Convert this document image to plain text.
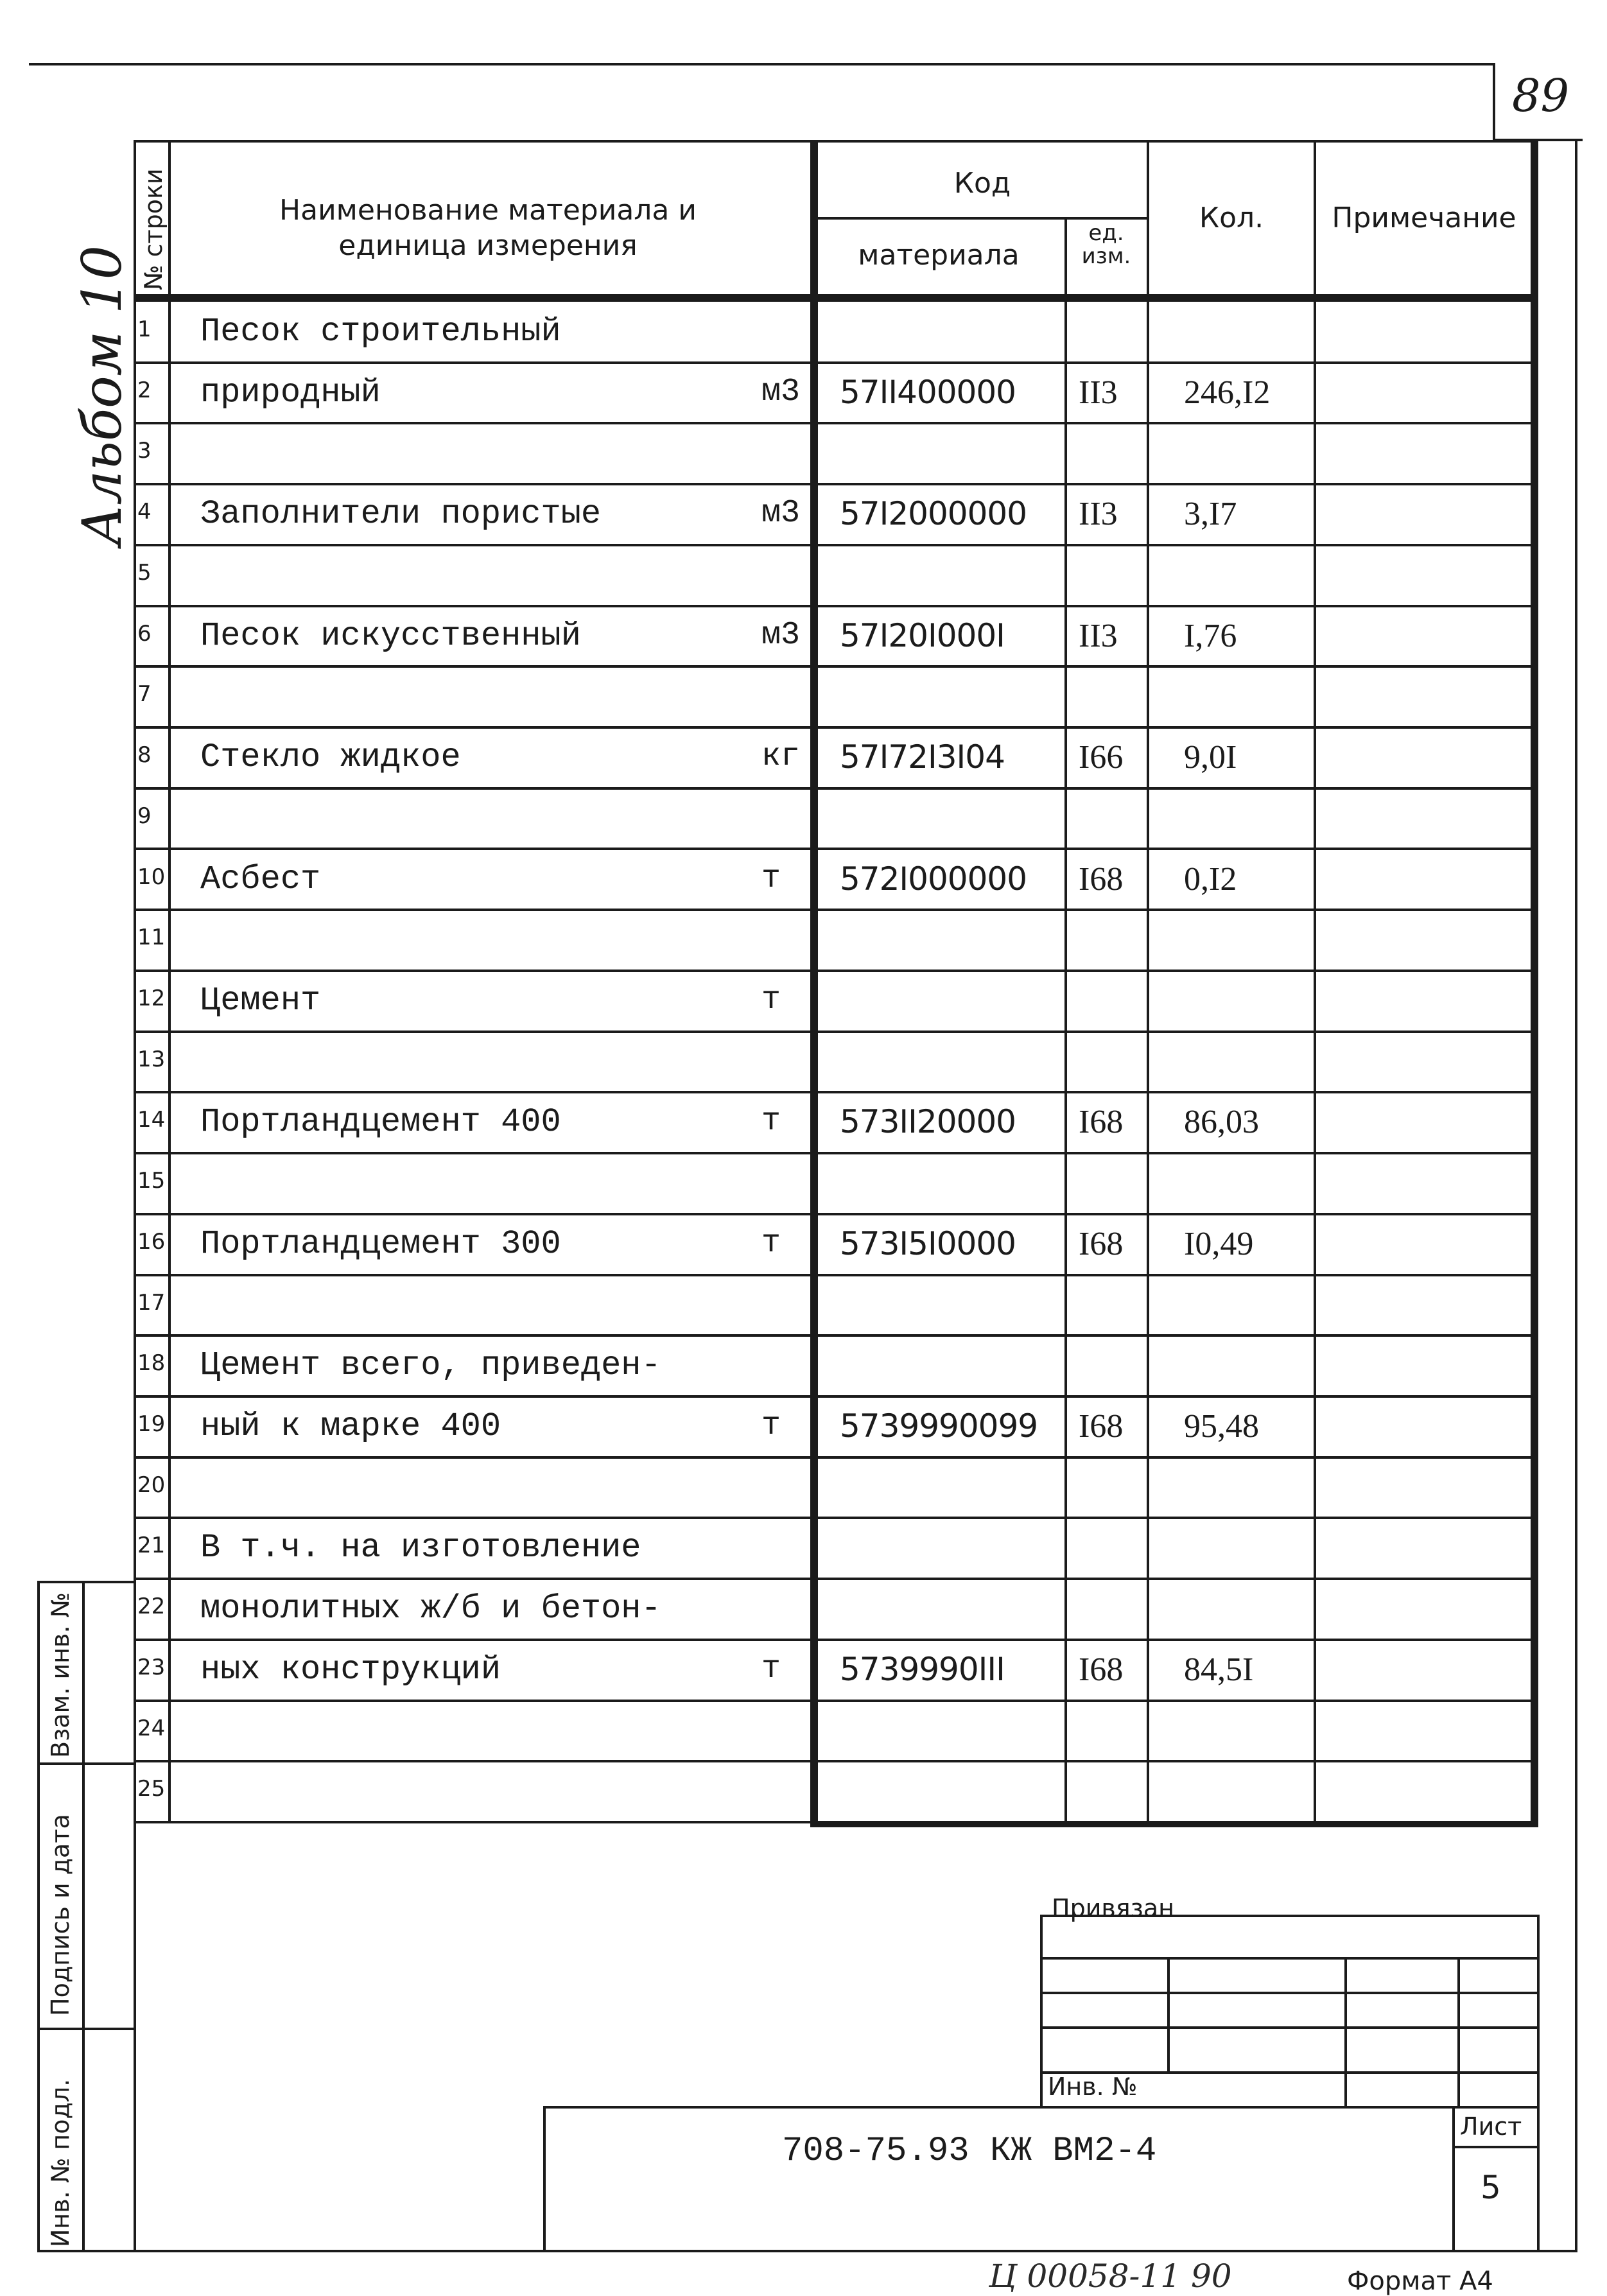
89
Альбом 10
№ строки	Наименование материала и единица измерения
Код
материала
ед. изм.
Кол.	Примечание
1	Песок строительный
2	природный	м3 57II400000 II3 246,I2
3
4	Заполнители пористые	м3 57I2000000 II3 3,I7
5
6	Песок искусственный	м3 57I20I000I II3 I,76
7
8	Стекло жидкое	кг 57I72I3I04 I66 9,0I
9
10 Асбест	т 572I000000 I68 0,I2
11
12 Цемент	т
13
14 Портландцемент 400	т 573II20000 I68 86,03
15
16 Портландцемент 300	т 573I5I0000 I68 I0,49
17
18 Цемент всего, приведен-
19 ный к марке 400	т 5739990099 I68 95,48
20
21 В т.ч. на изготовление
22 монолитных ж/б и бетон-
23 ных конструкций	т 5739990III I68 84,5I
24
25
Взам. инв. №
Подпись и дата
Инв. № подл.
Привязан
Инв. №
708-75.93 КЖ ВМ2-4
Лист
5
Ц 00058-11 90	Формат А4
